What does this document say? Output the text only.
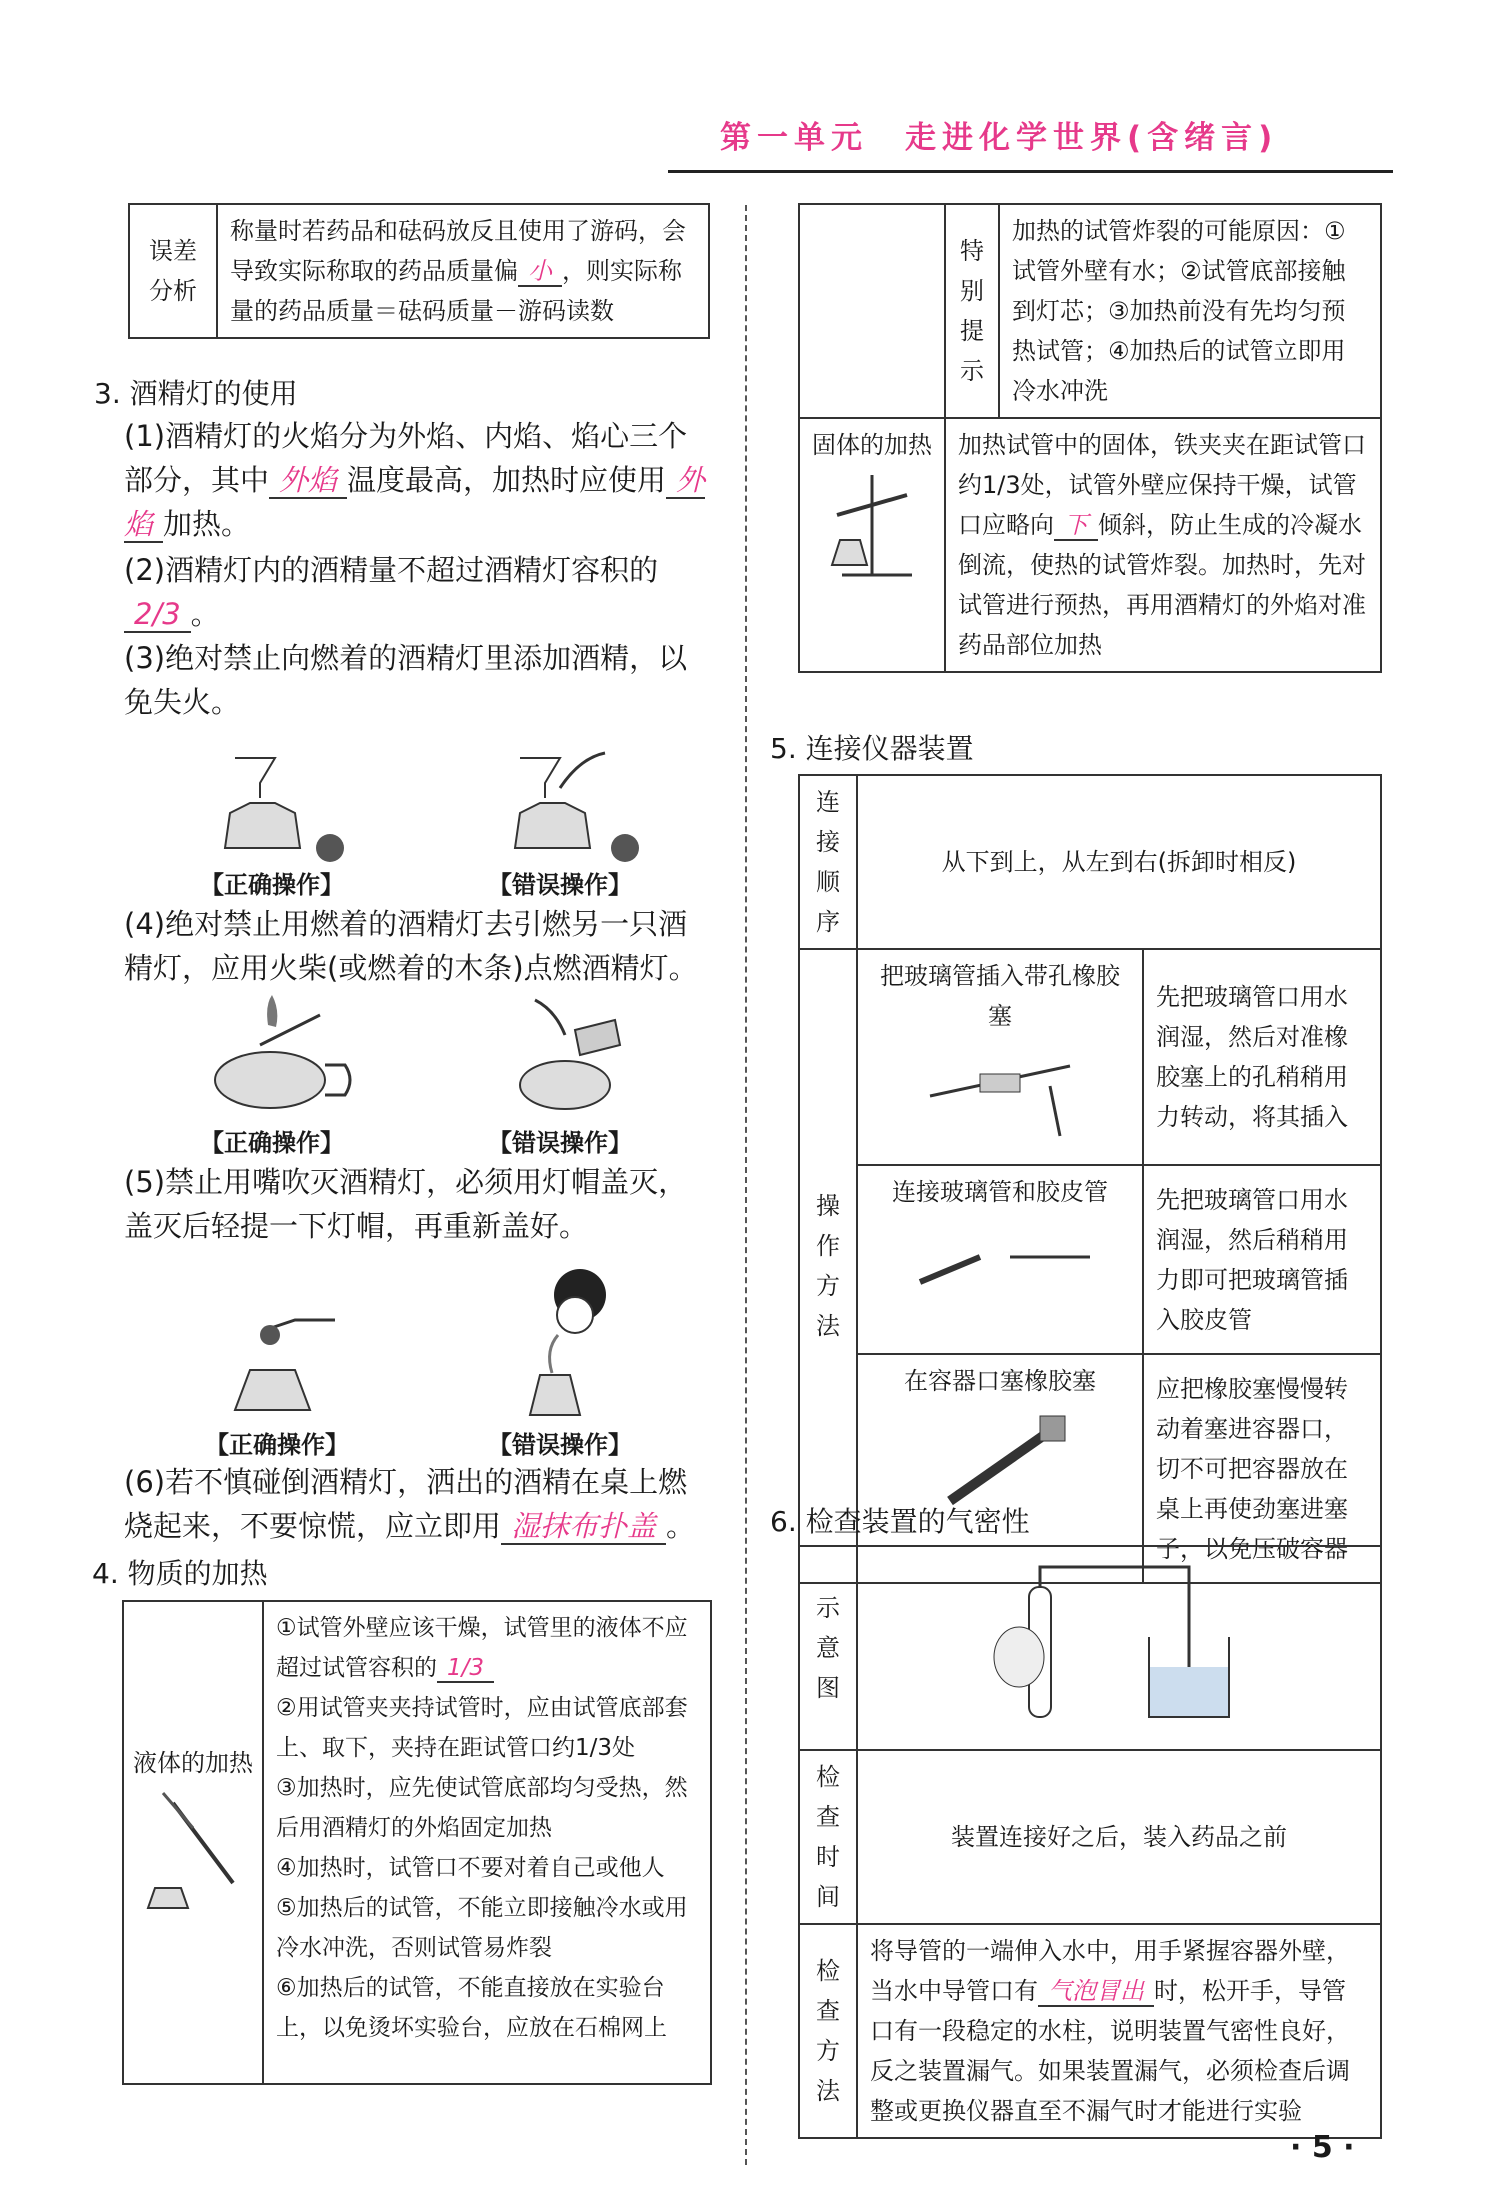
第一单元　走进化学世界(含绪言)
误差分析	称量时若药品和砝码放反且使用了游码，会导致实际称取的药品质量偏 小 ，则实际称量的药品质量＝砝码质量－游码读数
3. 酒精灯的使用
(1)酒精灯的火焰分为外焰、内焰、焰心三个部分，其中 外焰 温度最高，加热时应使用 外焰 加热。
(2)酒精灯内的酒精量不超过酒精灯容积的2/3 。
(3)绝对禁止向燃着的酒精灯里添加酒精，以免失火。
【正确操作】	【错误操作】
(4)绝对禁止用燃着的酒精灯去引燃另一只酒精灯，应用火柴(或燃着的木条)点燃酒精灯。
【正确操作】	【错误操作】
(5)禁止用嘴吹灭酒精灯，必须用灯帽盖灭，盖灭后轻提一下灯帽，再重新盖好。
【正确操作】	【错误操作】
(6)若不慎碰倒酒精灯，洒出的酒精在桌上燃烧起来，不要惊慌，应立即用 湿抹布扑盖 。
4. 物质的加热
液体的加热

①试管外壁应该干燥，试管里的液体不应超过试管容积的 1/3
②用试管夹夹持试管时，应由试管底部套上、取下，夹持在距试管口约1/3处
③加热时，应先使试管底部均匀受热，然后用酒精灯的外焰固定加热
④加热时，试管口不要对着自己或他人
⑤加热后的试管，不能立即接触冷水或用冷水冲洗，否则试管易炸裂
⑥加热后的试管，不能直接放在实验台上，以免烫坏实验台，应放在石棉网上
	特别提示	加热的试管炸裂的可能原因：①试管外壁有水；②试管底部接触到灯芯；③加热前没有先均匀预热试管；④加热后的试管立即用冷水冲洗

固体的加热	加热试管中的固体，铁夹夹在距试管口约1/3处，试管外壁应保持干燥，试管口应略向 下 倾斜，防止生成的冷凝水倒流，使热的试管炸裂。加热时，先对试管进行预热，再用酒精灯的外焰对准药品部位加热	
5. 连接仪器装置
连接顺序	从下到上，从左到右(拆卸时相反)	
操作方法	把玻璃管插入带孔橡胶塞	先把玻璃管口用水润湿，然后对准橡胶塞上的孔稍稍用力转动，将其插入

	连接玻璃管和胶皮管	先把玻璃管口用水润湿，然后稍稍用力即可把玻璃管插入胶皮管

	在容器口塞橡胶塞	应把橡胶塞慢慢转动着塞进容器口，切不可把容器放在桌上再使劲塞进塞子，以免压破容器
6. 检查装置的气密性
示意图	
检查时间	装置连接好之后，装入药品之前
检查方法	将导管的一端伸入水中，用手紧握容器外壁，当水中导管口有 气泡冒出 时，松开手，导管口有一段稳定的水柱，说明装置气密性良好，反之装置漏气。如果装置漏气，必须检查后调整或更换仪器直至不漏气时才能进行实验
· 5 ·
